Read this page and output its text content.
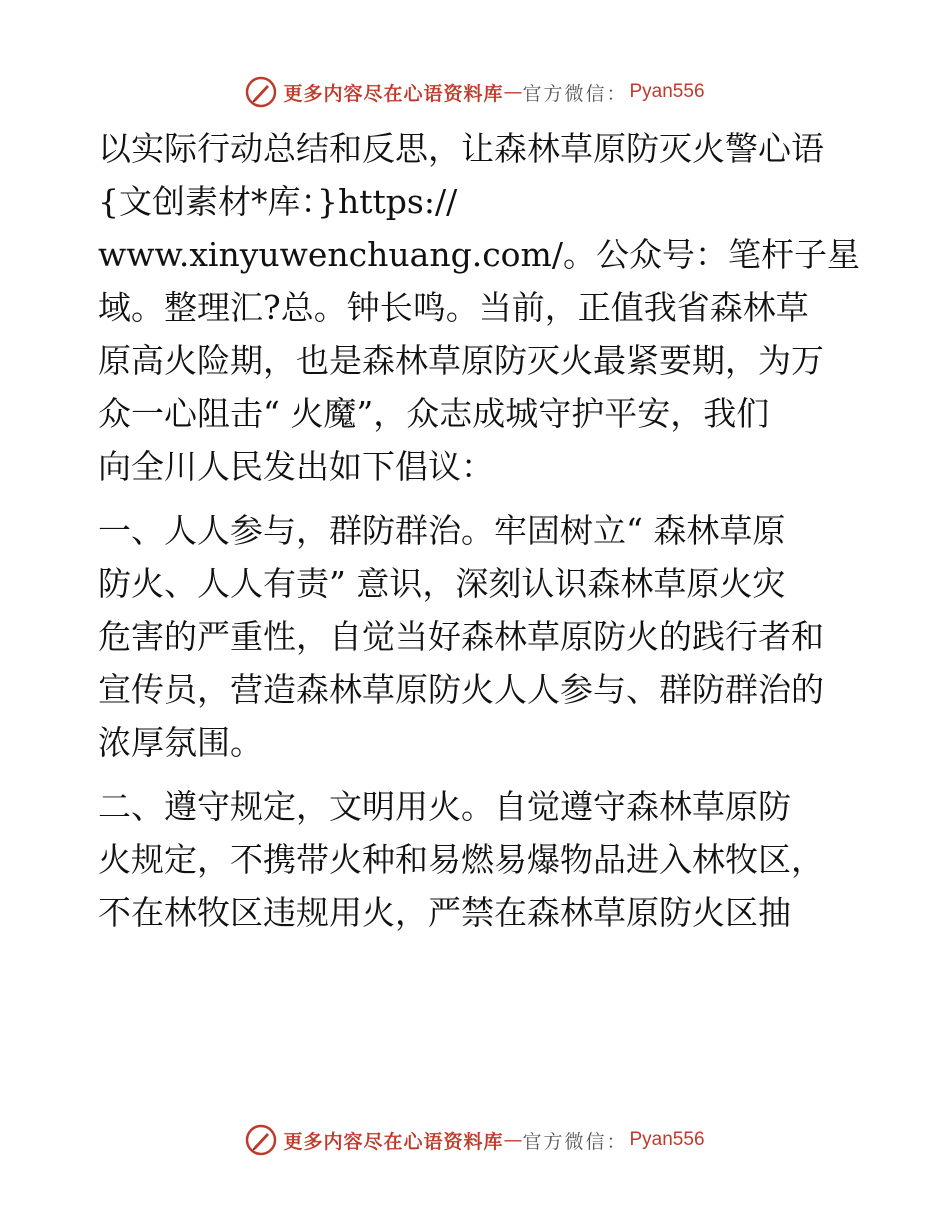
更多内容尽在心语资料库 — 官方微信： Pyan556
以实际行动总结和反思，让森林草原防灭火警心语
{文创素材*库：}https://
www.xinyuwenchuang.com/。公众号：笔杆子星
域。整理汇?总。钟长鸣。当前，正值我省森林草
原高火险期，也是森林草原防灭火最紧要期，为万
众一心阻击“ 火魔”，众志成城守护平安，我们
向全川人民发出如下倡议：
一、人人参与，群防群治。牢固树立“ 森林草原
防火、人人有责” 意识，深刻认识森林草原火灾
危害的严重性，自觉当好森林草原防火的践行者和
宣传员，营造森林草原防火人人参与、群防群治的
浓厚氛围。
二、遵守规定，文明用火。自觉遵守森林草原防
火规定，不携带火种和易燃易爆物品进入林牧区，
不在林牧区违规用火，严禁在森林草原防火区抽
更多内容尽在心语资料库 — 官方微信： Pyan556
